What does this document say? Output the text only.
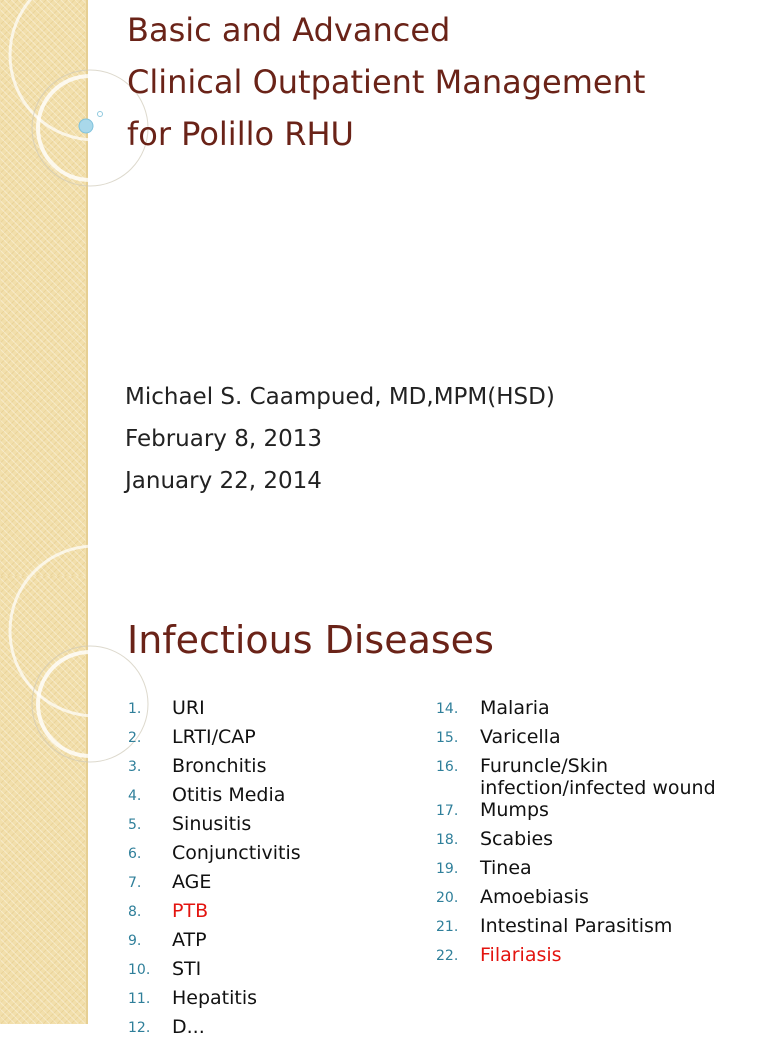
Basic and Advanced
Clinical Outpatient Management
for Polillo RHU
Michael S. Caampued, MD,MPM(HSD)
February 8, 2013
January 22, 2014
Infectious Diseases
1.	URI
2.	LRTI/CAP
3.	Bronchitis
4.	Otitis Media
5.	Sinusitis
6.	Conjunctivitis
7.	AGE
8.	PTB
9.	ATP
10.	STI
11.	Hepatitis
12.	D...
14.	Malaria
15.	Varicella
16.	Furuncle/Skin infection/infected wound
17.	Mumps
18.	Scabies
19.	Tinea
20.	Amoebiasis
21.	Intestinal Parasitism
22.	Filariasis
